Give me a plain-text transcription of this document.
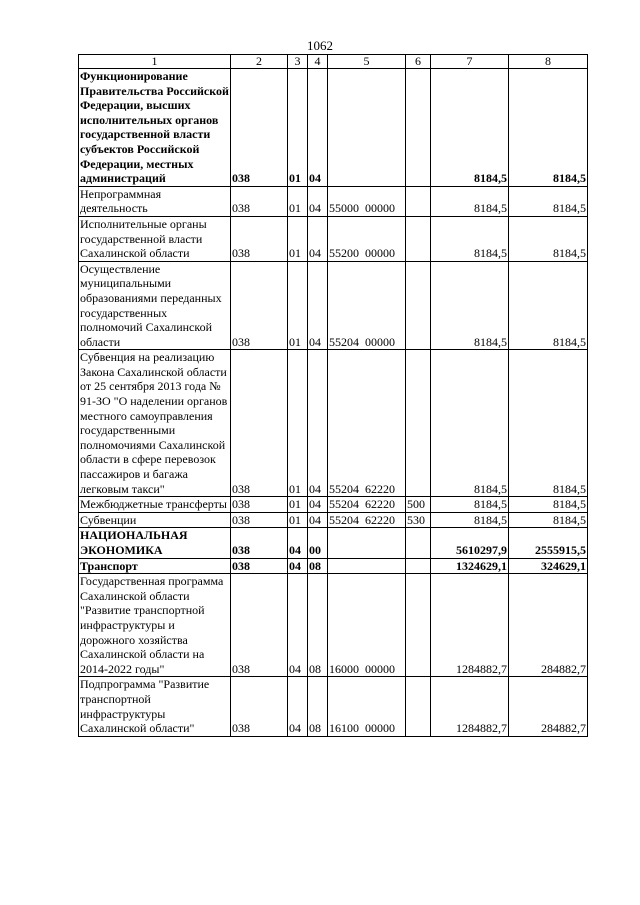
1062
1	2	3	4	5	6	7	8
Функционирование Правительства Российской Федерации, высших исполнительных органов государственной власти субъектов Российской Федерации, местных администраций	038	01	04			8184,5	8184,5
Непрограммная деятельность	038	01	04	55000  00000		8184,5	8184,5
Исполнительные органы государственной власти Сахалинской области	038	01	04	55200  00000		8184,5	8184,5
Осуществление муниципальными образованиями переданных государственных полномочий Сахалинской области	038	01	04	55204  00000		8184,5	8184,5
Субвенция на реализацию Закона Сахалинской области от 25 сентября 2013 года № 91-ЗО "О наделении органов местного самоуправления государственными полномочиями Сахалинской области в сфере перевозок пассажиров и багажа легковым такси"	038	01	04	55204  62220		8184,5	8184,5
Межбюджетные трансферты	038	01	04	55204  62220	500	8184,5	8184,5
Субвенции	038	01	04	55204  62220	530	8184,5	8184,5
НАЦИОНАЛЬНАЯ ЭКОНОМИКА	038	04	00			5610297,9	2555915,5
Транспорт	038	04	08			1324629,1	324629,1
Государственная программа Сахалинской области "Развитие транспортной инфраструктуры и дорожного хозяйства Сахалинской области на 2014-2022 годы"	038	04	08	16000  00000		1284882,7	284882,7
Подпрограмма "Развитие транспортной инфраструктуры Сахалинской области"	038	04	08	16100  00000		1284882,7	284882,7
